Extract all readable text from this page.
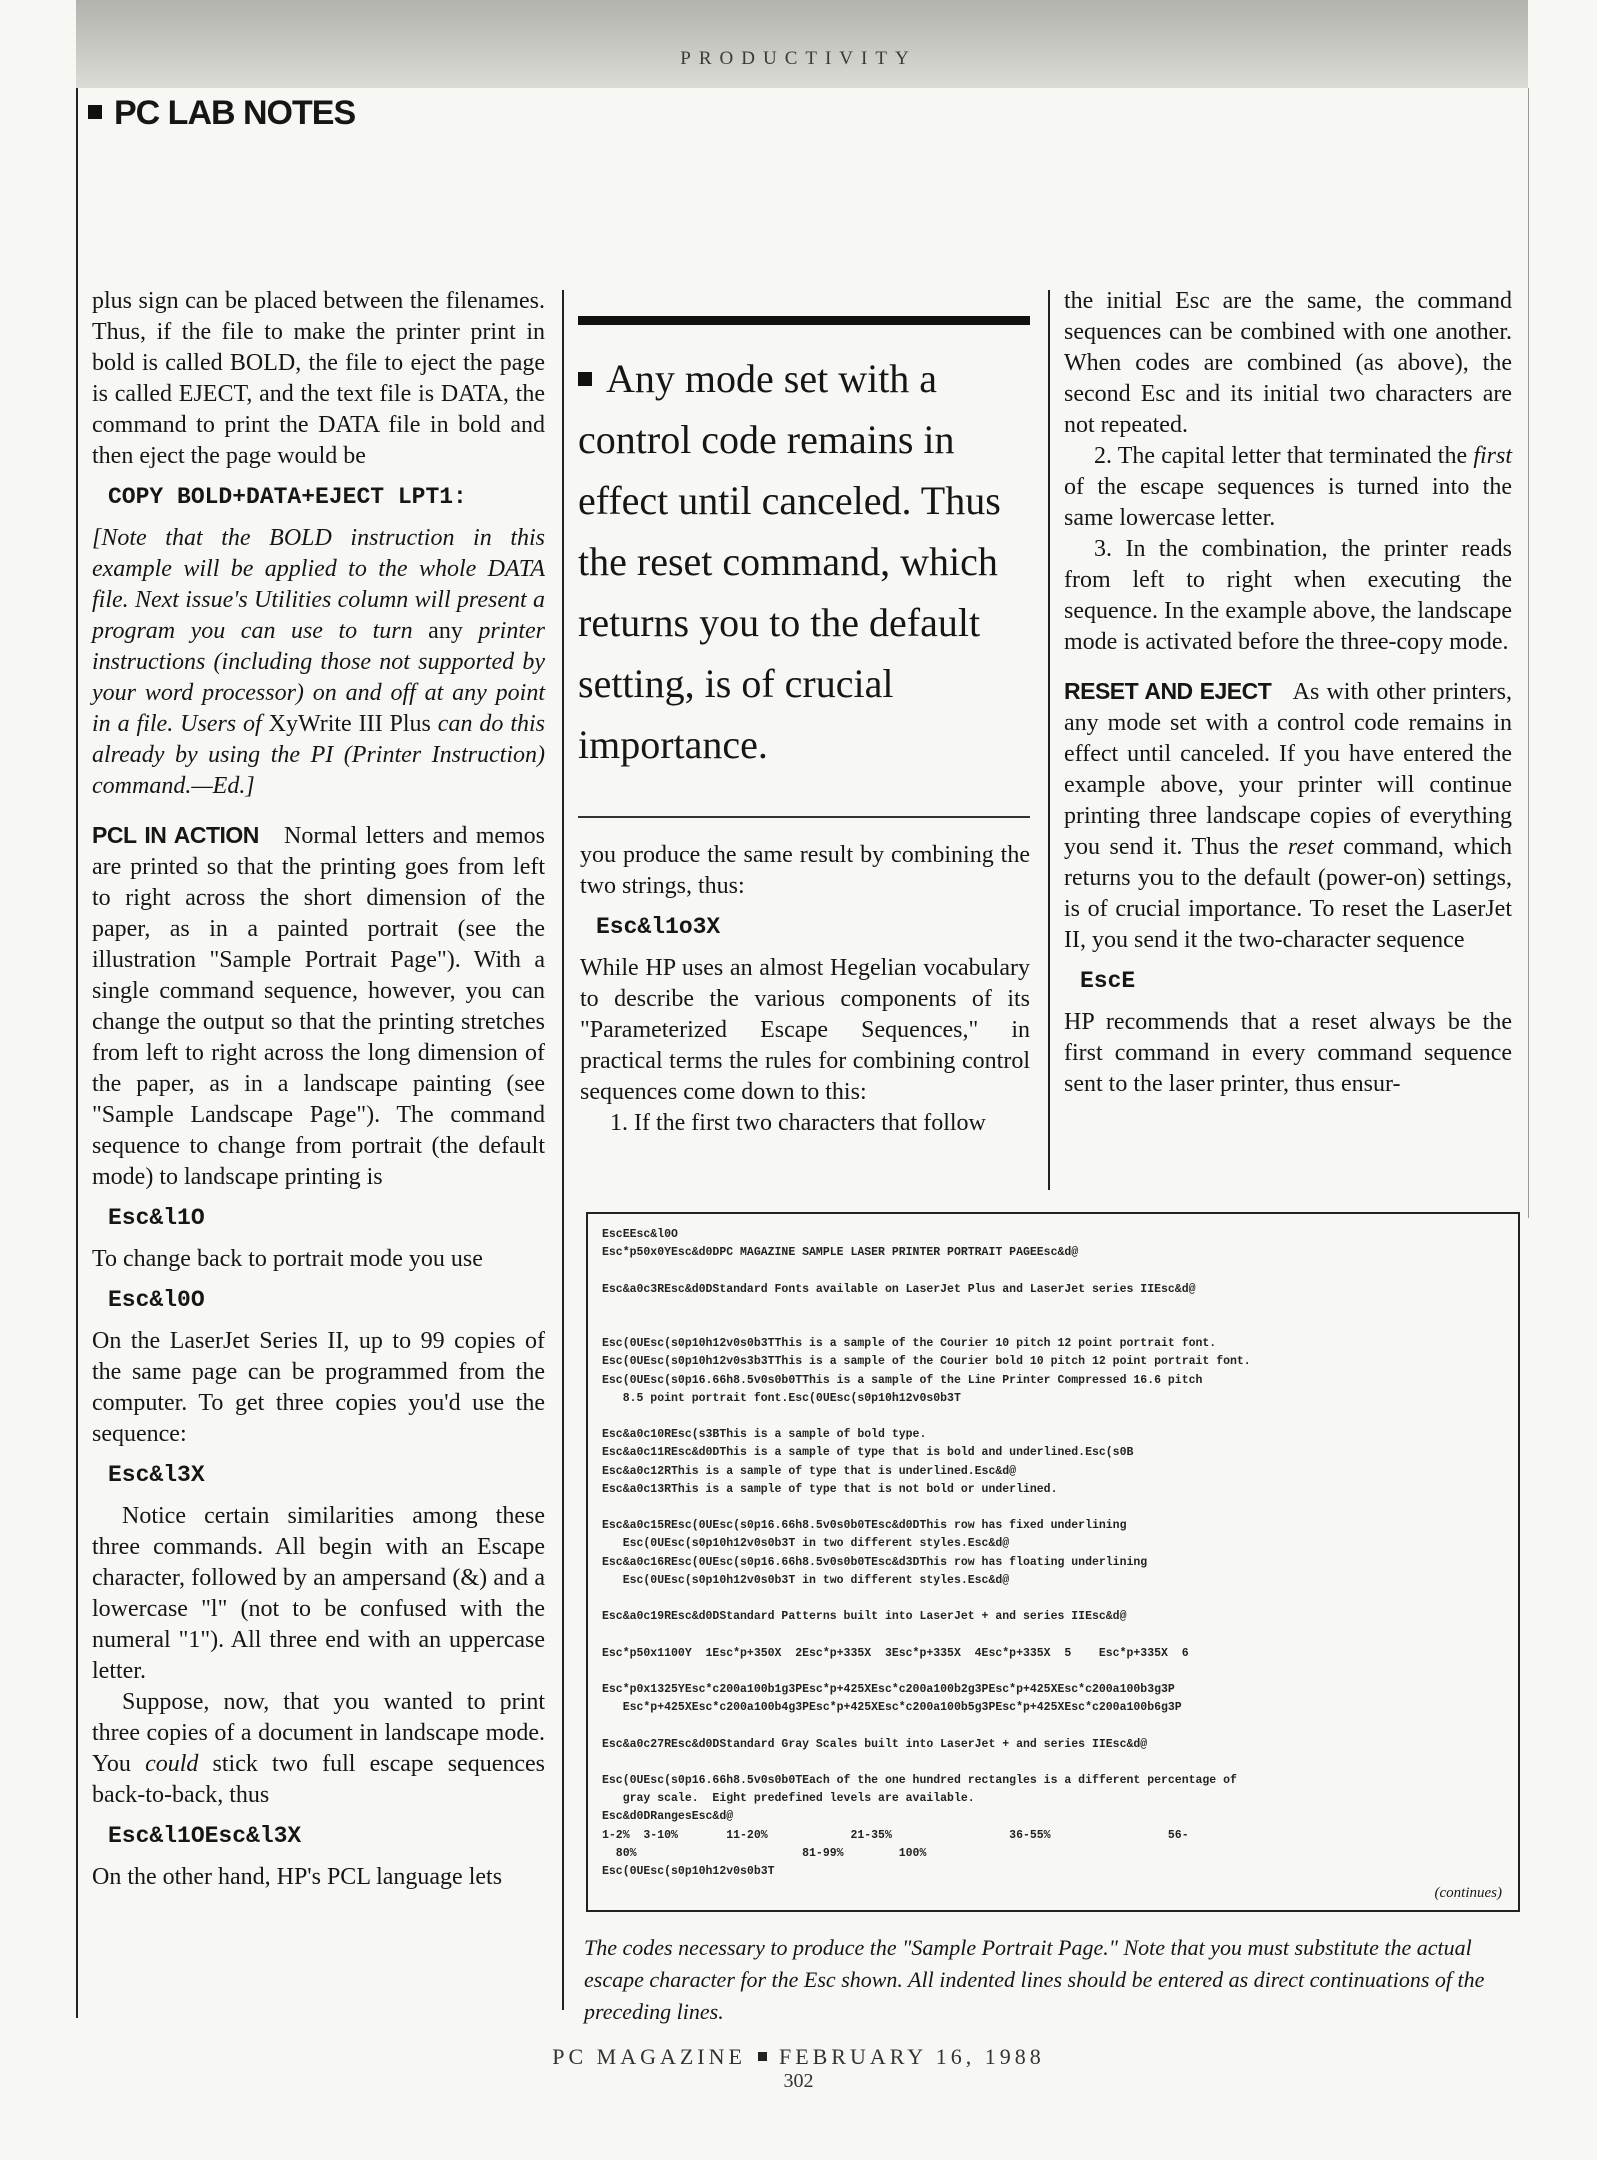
PRODUCTIVITY
PC LAB NOTES

plus sign can be placed between the filenames. Thus, if the file to make the printer print in bold is called BOLD, the file to eject the page is called EJECT, and the text file is DATA, the command to print the DATA file in bold and then eject the page would be

COPY BOLD+DATA+EJECT LPT1:

[Note that the BOLD instruction in this example will be applied to the whole DATA file. Next issue's Utilities column will present a program you can use to turn any printer instructions (including those not supported by your word processor) on and off at any point in a file. Users of XyWrite III Plus can do this already by using the PI (Printer Instruction) command.—Ed.]

PCL IN ACTION Normal letters and memos are printed so that the printing goes from left to right across the short dimension of the paper, as in a painted portrait (see the illustration "Sample Portrait Page"). With a single command sequence, however, you can change the output so that the printing stretches from left to right across the long dimension of the paper, as in a landscape painting (see "Sample Landscape Page"). The command sequence to change from portrait (the default mode) to landscape printing is

Esc&l1O

To change back to portrait mode you use

Esc&l0O

On the LaserJet Series II, up to 99 copies of the same page can be programmed from the computer. To get three copies you'd use the sequence:

Esc&l3X

Notice certain similarities among these three commands. All begin with an Escape character, followed by an ampersand (&) and a lowercase "l" (not to be confused with the numeral "1"). All three end with an uppercase letter.

Suppose, now, that you wanted to print three copies of a document in landscape mode. You could stick two full escape sequences back-to-back, thus

Esc&l1OEsc&l3X

On the other hand, HP's PCL language lets

Any mode set with a control code remains in effect until canceled. Thus the reset command, which returns you to the default setting, is of crucial importance.

you produce the same result by combining the two strings, thus:

Esc&l1o3X

While HP uses an almost Hegelian vocabulary to describe the various components of its "Parameterized Escape Sequences," in practical terms the rules for combining control sequences come down to this:

1. If the first two characters that follow

the initial Esc are the same, the command sequences can be combined with one another. When codes are combined (as above), the second Esc and its initial two characters are not repeated.

2. The capital letter that terminated the first of the escape sequences is turned into the same lowercase letter.

3. In the combination, the printer reads from left to right when executing the sequence. In the example above, the landscape mode is activated before the three-copy mode.

RESET AND EJECT As with other printers, any mode set with a control code remains in effect until canceled. If you have entered the example above, your printer will continue printing three landscape copies of everything you send it. Thus the reset command, which returns you to the default (power-on) settings, is of crucial importance. To reset the LaserJet II, you send it the two-character sequence

EscE

HP recommends that a reset always be the first command in every command sequence sent to the laser printer, thus ensur-

EscEEsc&l0O
Esc*p50x0YEsc&d0DPC MAGAZINE SAMPLE LASER PRINTER PORTRAIT PAGEEsc&d@
Esc&a0c3REsc&d0DStandard Fonts available on LaserJet Plus and LaserJet series IIEsc&d@
Esc(0UEsc(s0p10h12v0s0b3TThis is a sample of the Courier 10 pitch 12 point portrait font.
Esc(0UEsc(s0p10h12v0s3b3TThis is a sample of the Courier bold 10 pitch 12 point portrait font.
Esc(0UEsc(s0p16.66h8.5v0s0b0TThis is a sample of the Line Printer Compressed 16.6 pitch
8.5 point portrait font.Esc(0UEsc(s0p10h12v0s0b3T
Esc&a0c10REsc(s3BThis is a sample of bold type.
Esc&a0c11REsc&d0DThis is a sample of type that is bold and underlined.Esc(s0B
Esc&a0c12RThis is a sample of type that is underlined.Esc&d@
Esc&a0c13RThis is a sample of type that is not bold or underlined.
Esc&a0c15REsc(0UEsc(s0p16.66h8.5v0s0b0TEsc&d0DThis row has fixed underlining
Esc(0UEsc(s0p10h12v0s0b3T in two different styles.Esc&d@
Esc&a0c16REsc(0UEsc(s0p16.66h8.5v0s0b0TEsc&d3DThis row has floating underlining
Esc(0UEsc(s0p10h12v0s0b3T in two different styles.Esc&d@
Esc&a0c19REsc&d0DStandard Patterns built into LaserJet + and series IIEsc&d@
Esc*p50x1100Y  1Esc*p+350X  2Esc*p+335X  3Esc*p+335X  4Esc*p+335X  5    Esc*p+335X  6
Esc*p0x1325YEsc*c200a100b1g3PEsc*p+425XEsc*c200a100b2g3PEsc*p+425XEsc*c200a100b3g3P
Esc*p+425XEsc*c200a100b4g3PEsc*p+425XEsc*c200a100b5g3PEsc*p+425XEsc*c200a100b6g3P
Esc&a0c27REsc&d0DStandard Gray Scales built into LaserJet + and series IIEsc&d@
Esc(0UEsc(s0p16.66h8.5v0s0b0TEach of the one hundred rectangles is a different percentage of
gray scale.  Eight predefined levels are available.
Esc&d0DRangesEsc&d@
1-2%  3-10%       11-20%            21-35%                 36-55%                 56-
80%                        81-99%        100%
Esc(0UEsc(s0p10h12v0s0b3T
(continues)
The codes necessary to produce the "Sample Portrait Page." Note that you must substitute the actual escape character for the Esc shown. All indented lines should be entered as direct continuations of the preceding lines.
PC MAGAZINE FEBRUARY 16, 1988
302
